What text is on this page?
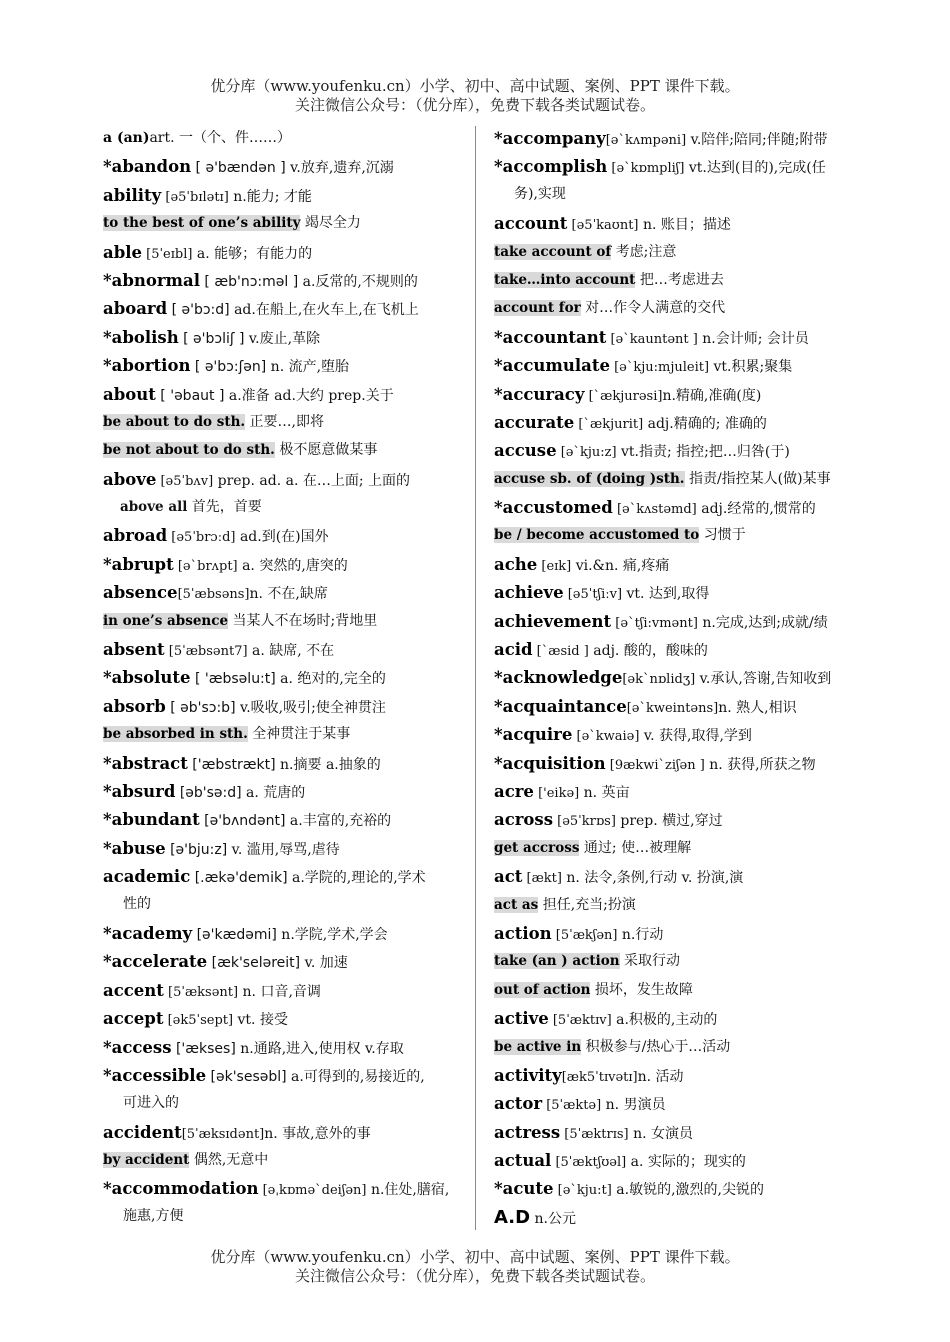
优分库（www.youfenku.cn）小学、初中、高中试题、案例、PPT 课件下载。
关注微信公众号：（优分库），免费下载各类试题试卷。
a (an)art. 一（个、件……）
*abandon [ ə'bændən ] v.放弃,遗弃,沉溺
ability [ə5ˈbɪlətɪ] n.能力; 才能
to the best of one’s ability 竭尽全力
able [5ˈeɪbl] a. 能够；有能力的
*abnormal [ æb'nɔ:məl ] a.反常的,不规则的
aboard [ ə'bɔ:d] ad.在船上,在火车上,在飞机上
*abolish [ ə'bɔliʃ ] v.废止,革除
*abortion [ ə'bɔ:ʃən] n. 流产,堕胎
about [ 'əbaut ] a.准备 ad.大约 prep.关于
be about to do sth. 正要…,即将
be not about to do sth. 极不愿意做某事
above [ə5ˈbʌv] prep. ad. a. 在…上面; 上面的
above all 首先，首要
abroad [ə5ˈbrɔːd] ad.到(在)国外
*abrupt [ə`brʌpt] a. 突然的,唐突的
absence[5ˈæbsəns]n. 不在,缺席
in one’s absence 当某人不在场时;背地里
absent [5ˈæbsənt7] a. 缺席, 不在
*absolute [ 'æbsəlu:t] a. 绝对的,完全的
absorb [ əb'sɔ:b] v.吸收,吸引;使全神贯注
be absorbed in sth. 全神贯注于某事
*abstract ['æbstrækt] n.摘要 a.抽象的
*absurd [əb'sə:d] a. 荒唐的
*abundant [ə'bʌndənt] a.丰富的,充裕的
*abuse [ə'bju:z] v. 滥用,辱骂,虐待
academic [.ækə'demik] a.学院的,理论的,学术
性的
*academy [ə'kædəmi] n.学院,学术,学会
*accelerate [æk'seləreit] v. 加速
accent [5ˈæksənt] n. 口音,音调
accept [ək5ˈsept] vt. 接受
*access ['ækses] n.通路,进入,使用权 v.存取
*accessible [ək'sesəbl] a.可得到的,易接近的,
可进入的
accident[5ˈæksɪdənt]n. 事故,意外的事
by accident 偶然,无意中
*accommodation [əˌkɒmə`deiʃən] n.住处,膳宿,
施惠,方便
*accompany[ə`kʌmpəni] v.陪伴;陪同;伴随;附带
*accomplish [ə`kɒmpliʃ] vt.达到(目的),完成(任
务),实现
account [ə5ˈkaʊnt] n. 账目；描述
take account of 考虑;注意
take…into account 把…考虑进去
account for 对…作令人满意的交代
*accountant [ə`kauntənt ] n.会计师; 会计员
*accumulate [ə`kju:mjuleit] vt.积累;聚集
*accuracy [`ækjurəsi]n.精确,准确(度)
accurate [`ækjurit] adj.精确的; 准确的
accuse [ə`kju:z] vt.指责; 指控;把…归咎(于)
accuse sb. of (doing )sth. 指责/指控某人(做)某事
*accustomed [ə`kʌstəmd] adj.经常的,惯常的
be / become accustomed to 习惯于
ache [eɪk] vi.&n. 痛,疼痛
achieve [ə5ˈtʃiːv] vt. 达到,取得
achievement [ə`tʃi:vmənt] n.完成,达到;成就/绩
acid [`æsid ] adj. 酸的，酸味的
*acknowledge[ək`nɒlidʒ] v.承认,答谢,告知收到
*acquaintance[ə`kweintəns]n. 熟人,相识
*acquire [ə`kwaiə] v. 获得,取得,学到
*acquisition [9ækwi`ziʃən ] n. 获得,所获之物
acre ['eikə] n. 英亩
across [ə5ˈkrɒs] prep. 横过,穿过
get accross 通过; 使…被理解
act [ækt] n. 法令,条例,行动 v. 扮演,演
act as 担任,充当;扮演
action [5ˈækʃən] n.行动
take (an ) action 采取行动
out of action 损坏，发生故障
active [5ˈæktɪv] a.积极的,主动的
be active in 积极参与/热心于…活动
activity[æk5ˈtɪvətɪ]n. 活动
actor [5ˈæktə] n. 男演员
actress [5ˈæktrɪs] n. 女演员
actual [5ˈæktʃʊəl] a. 实际的；现实的
*acute [ə`kju:t] a.敏锐的,激烈的,尖锐的
A.D n.公元
优分库（www.youfenku.cn）小学、初中、高中试题、案例、PPT 课件下载。
关注微信公众号：（优分库），免费下载各类试题试卷。
